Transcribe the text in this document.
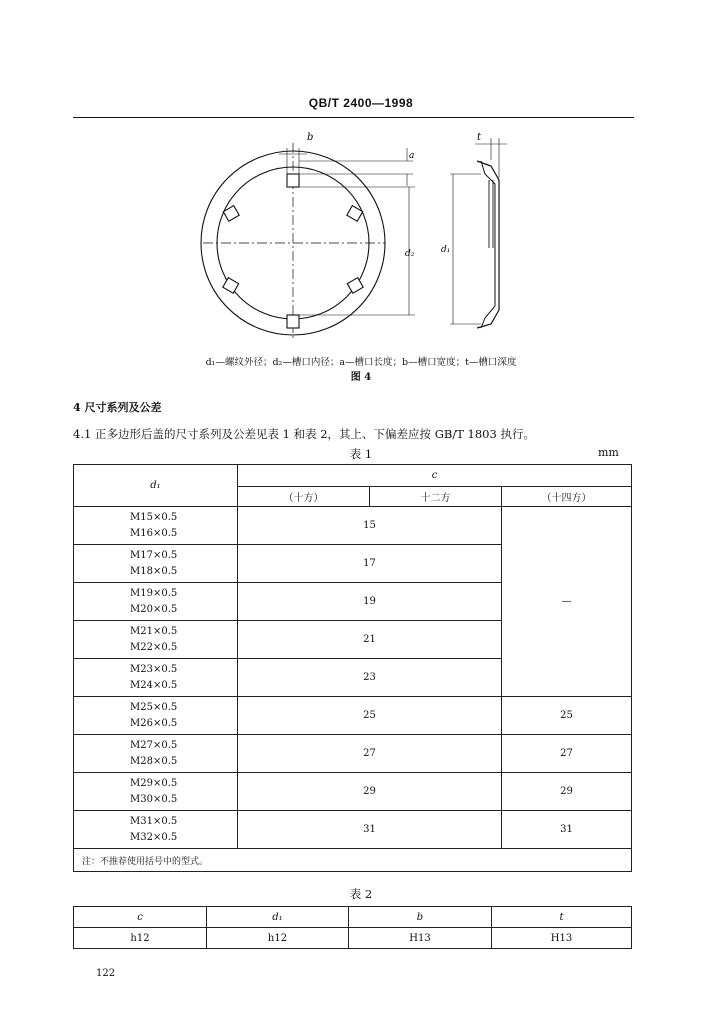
QB/T 2400—1998
b
a
d₂
t
d₁
d₁—螺纹外径；d₂—槽口内径；a—槽口长度；b—槽口宽度；t—槽口深度
图 4
4 尺寸系列及公差
4.1 正多边形后盖的尺寸系列及公差见表 1 和表 2，其上、下偏差应按 GB/T 1803 执行。
表 1	mm
d₁	c		
	（十方）	十二方	（十四方）
M15×0.5
M16×0.5	15		—
M17×0.5
M18×0.5	17		
M19×0.5
M20×0.5	19		
M21×0.5
M22×0.5	21		
M23×0.5
M24×0.5	23		
M25×0.5
M26×0.5	25		25
M27×0.5
M28×0.5	27		27
M29×0.5
M30×0.5	29		29
M31×0.5
M32×0.5	31		31
注：不推荐使用括号中的型式。			
表 2
c	d₁	b	t
h12	h12	H13	H13
122
